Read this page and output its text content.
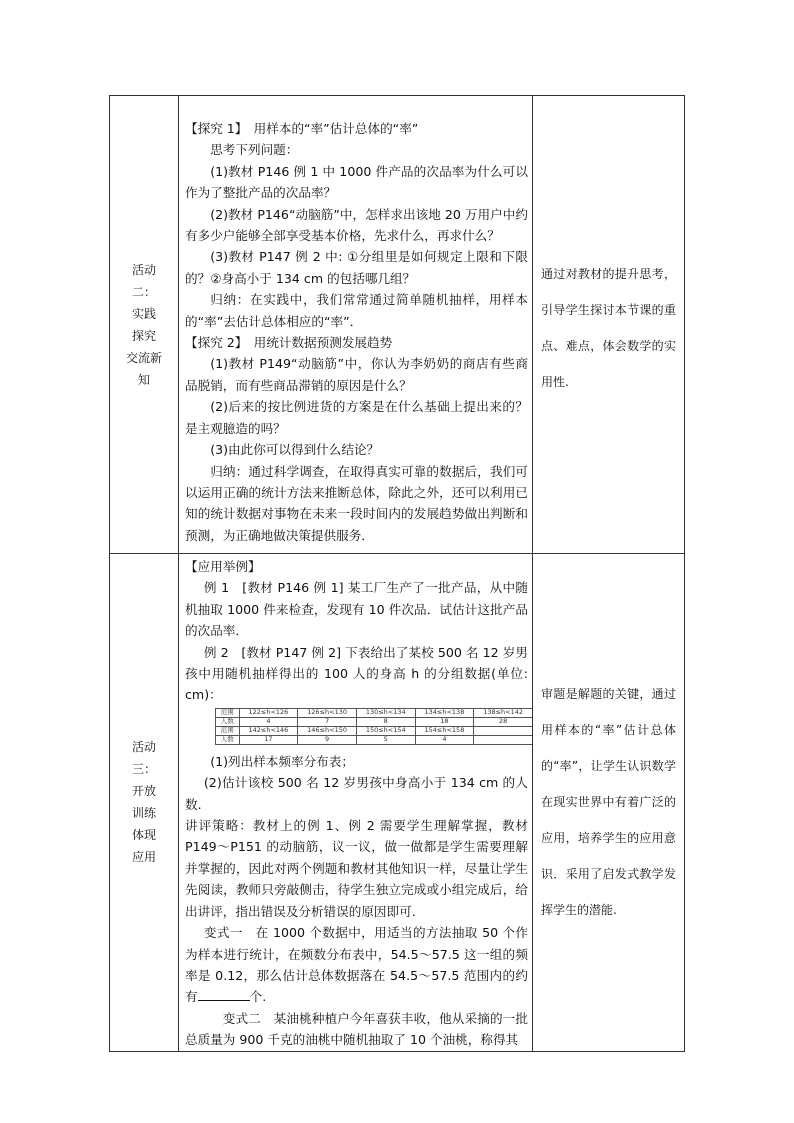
活动
二：
实践
探究
交流新
知

【探究 1】　用样本的“率”估计总体的“率”

思考下列问题：

(1)教材 P146 例 1 中 1000 件产品的次品率为什么可以作为了整批产品的次品率？

(2)教材 P146“动脑筋”中，怎样求出该地 20 万用户中约有多少户能够全部享受基本价格，先求什么，再求什么？

(3)教材 P147 例 2 中: ①分组里是如何规定上限和下限的？②身高小于 134 cm 的包括哪几组？

归纳：在实践中，我们常常通过简单随机抽样，用样本的“率”去估计总体相应的“率”．

【探究 2】　用统计数据预测发展趋势

(1)教材 P149“动脑筋”中，你认为李奶奶的商店有些商品脱销，而有些商品滞销的原因是什么？

(2)后来的按比例进货的方案是在什么基础上提出来的？是主观臆造的吗？

(3)由此你可以得到什么结论？

归纳：通过科学调查，在取得真实可靠的数据后，我们可以运用正确的统计方法来推断总体，除此之外，还可以利用已知的统计数据对事物在未来一段时间内的发展趋势做出判断和预测，为正确地做决策提供服务．

	通过对教材的提升思考，引导学生探讨本节课的重点、难点，体会数学的实用性.

活动
三：
开放
训练
体现
应用

【应用举例】

例 1　[教材 P146 例 1] 某工厂生产了一批产品，从中随机抽取 1000 件来检查，发现有 10 件次品．试估计这批产品的次品率．

例 2　[教材 P147 例 2] 下表给出了某校 500 名 12 岁男孩中用随机抽样得出的 100 人的身高 h 的分组数据(单位: cm)：

范围	122≤h<126	126≤h<130	130≤h<134	134≤h<138	138≤h<142
人数	4	7	8	18	28
范围	142≤h<146	146≤h<150	150≤h<154	154≤h<158	
人数	17	9	5	4	

(1)列出样本频率分布表；

(2)估计该校 500 名 12 岁男孩中身高小于 134 cm 的人数.

讲评策略：教材上的例 1、例 2 需要学生理解掌握，教材 P149～P151 的动脑筋，议一议，做一做都是学生需要理解并掌握的，因此对两个例题和教材其他知识一样，尽量让学生先阅读，教师只旁敲侧击，待学生独立完成或小组完成后，给出讲评，指出错误及分析错误的原因即可.

变式一　在 1000 个数据中，用适当的方法抽取 50 个作为样本进行统计，在频数分布表中，54.5～57.5 这一组的频率是 0.12，那么估计总体数据落在 54.5～57.5 范围内的约有	个.

变式二　某油桃种植户今年喜获丰收，他从采摘的一批总质量为 900 千克的油桃中随机抽取了 10 个油桃，称得其

	审题是解题的关键，通过用样本的“率”估计总体的“率”，让学生认识数学在现实世界中有着广泛的应用，培养学生的应用意识．采用了启发式教学发挥学生的潜能.
